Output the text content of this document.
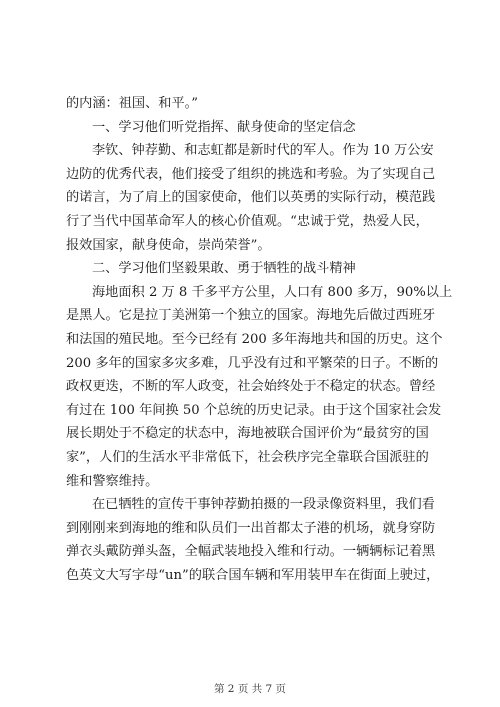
的内涵：祖国、和平。”
一、学习他们听党指挥、献身使命的坚定信念
李钦、钟荐勤、和志虹都是新时代的军人。作为 10 万公安
边防的优秀代表，他们接受了组织的挑选和考验。为了实现自己
的诺言，为了肩上的国家使命，他们以英勇的实际行动，模范践
行了当代中国革命军人的核心价值观。“忠诚于党，热爱人民，
报效国家，献身使命，崇尚荣誉”。
二、学习他们坚毅果敢、勇于牺牲的战斗精神
海地面积 2 万 8 千多平方公里，人口有 800 多万，90%以上
是黑人。它是拉丁美洲第一个独立的国家。海地先后做过西班牙
和法国的殖民地。至今已经有 200 多年海地共和国的历史。这个
200 多年的国家多灾多难，几乎没有过和平繁荣的日子。不断的
政权更迭，不断的军人政变，社会始终处于不稳定的状态。曾经
有过在 100 年间换 50 个总统的历史记录。由于这个国家社会发
展长期处于不稳定的状态中，海地被联合国评价为“最贫穷的国
家”，人们的生活水平非常低下，社会秩序完全靠联合国派驻的
维和警察维持。
在已牺牲的宣传干事钟荐勤拍摄的一段录像资料里，我们看
到刚刚来到海地的维和队员们一出首都太子港的机场，就身穿防
弹衣头戴防弹头盔，全幅武装地投入维和行动。一辆辆标记着黑
色英文大写字母“un”的联合国车辆和军用装甲车在街面上驶过，
第 2 页 共 7 页
